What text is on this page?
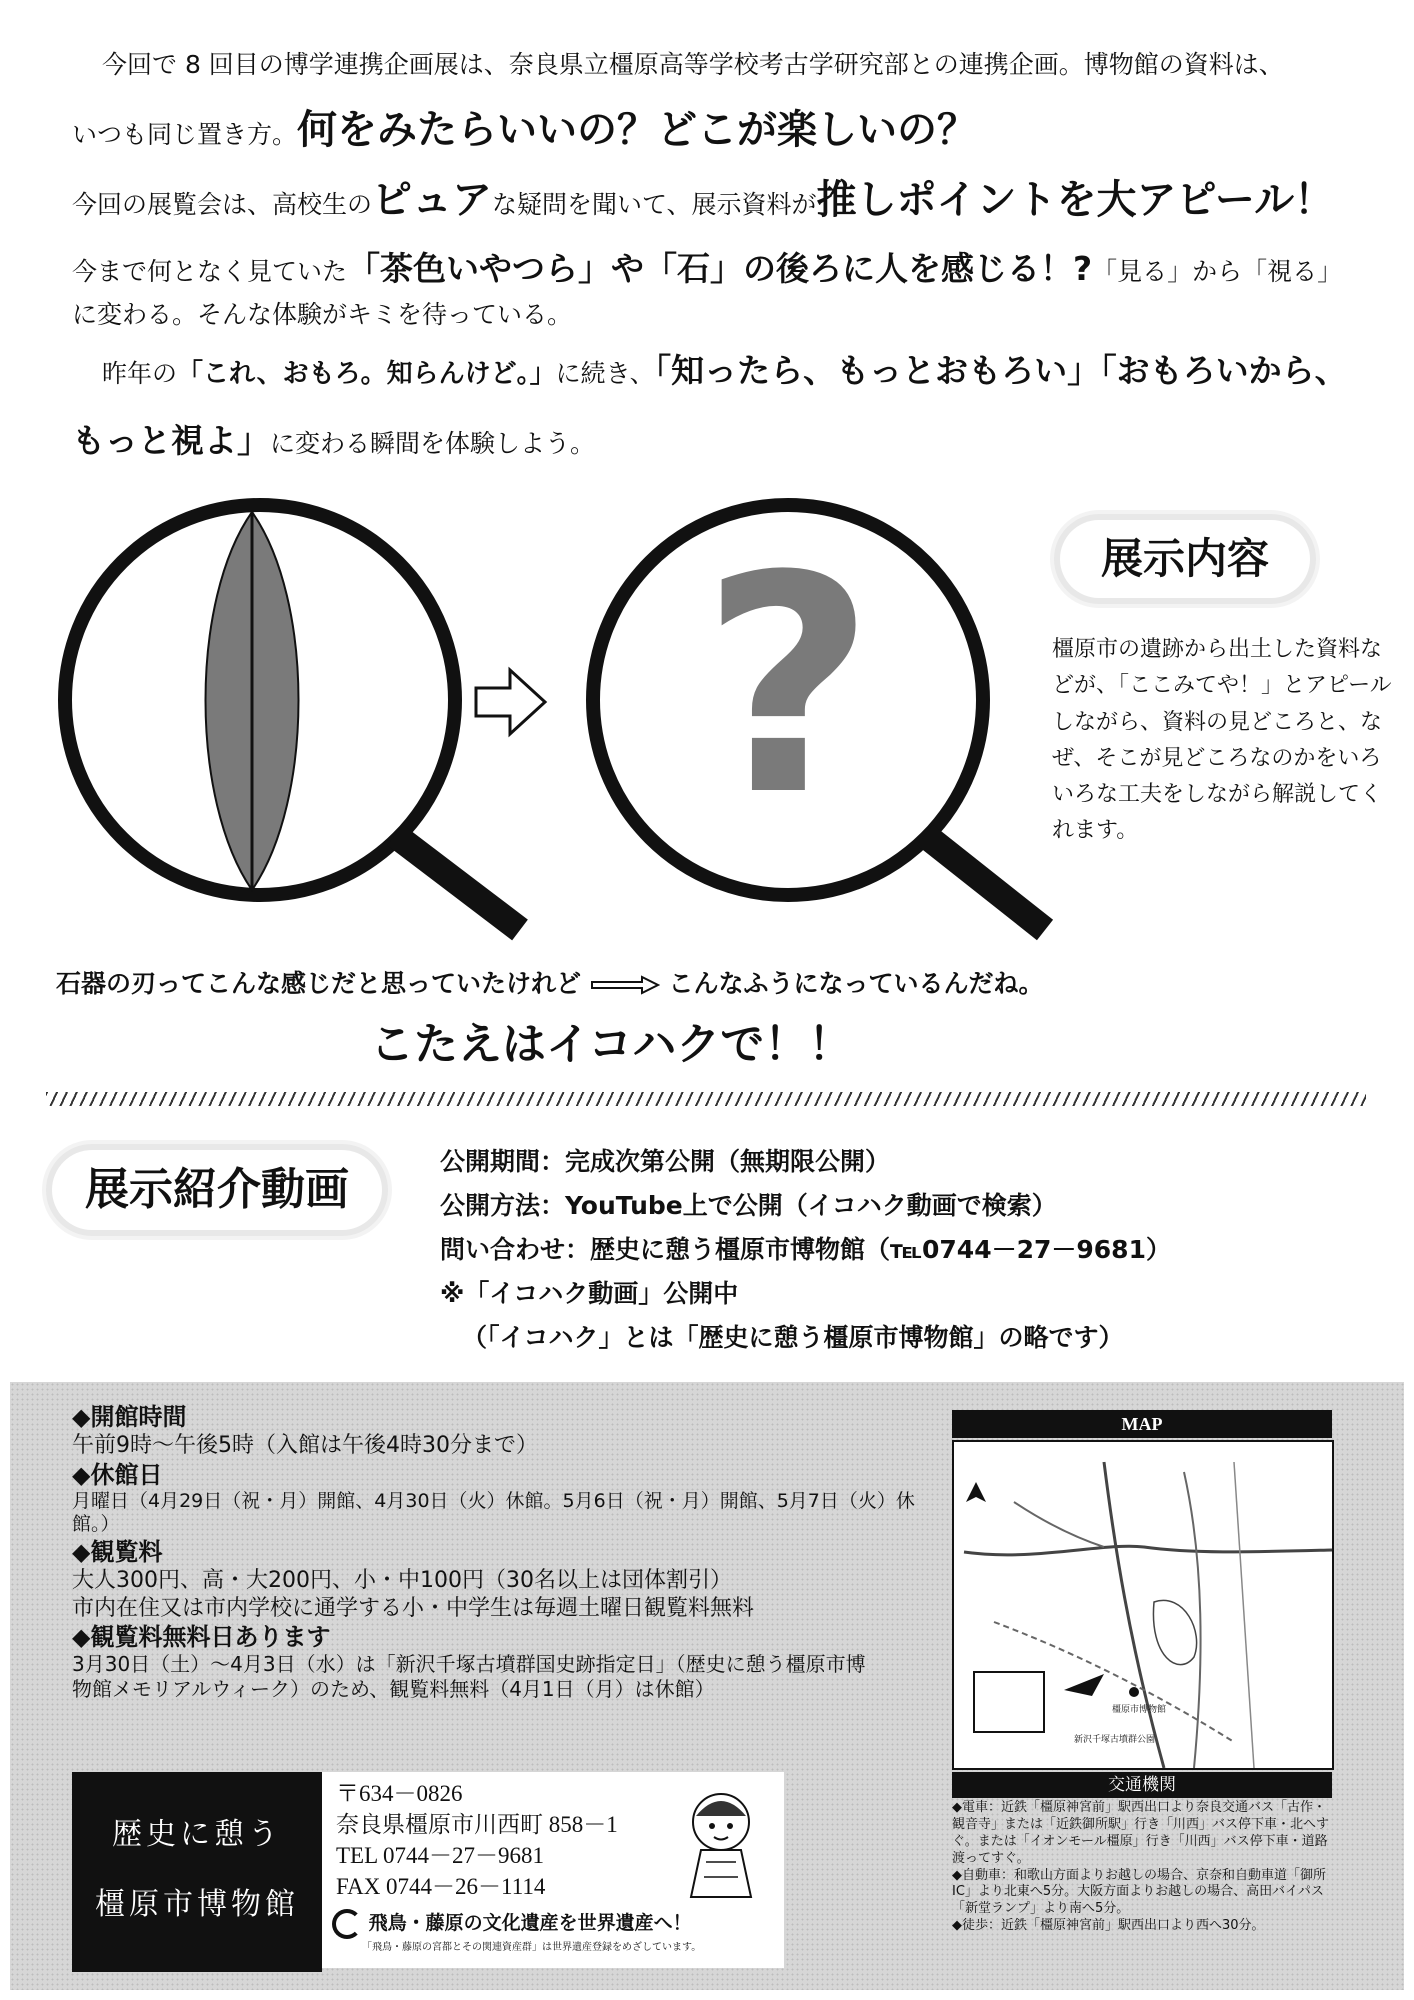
今回で 8 回目の博学連携企画展は、奈良県立橿原高等学校考古学研究部との連携企画。博物館の資料は、
いつも同じ置き方。何をみたらいいの？どこが楽しいの？
今回の展覧会は、高校生のピュアな疑問を聞いて、展示資料が推しポイントを大アピール！
今まで何となく見ていた「茶色いやつら」や「石」の後ろに人を感じる！?「見る」から「視る」
に変わる。そんな体験がキミを待っている。
昨年の「これ、おもろ。知らんけど。」に続き、「知ったら、もっとおもろい」「おもろいから、
もっと視よ」に変わる瞬間を体験しよう。
?	展示内容
橿原市の遺跡から出土した資料などが、「ここみてや！」とアピールしながら、資料の見どころと、なぜ、そこが見どころなのかをいろいろな工夫をしながら解説してくれます。
石器の刃ってこんな感じだと思っていたけれど	こんなふうになっているんだね。
こたえはイコハクで！！
展示紹介動画
公開期間：完成次第公開（無期限公開）
公開方法：YouTube上で公開（イコハク動画で検索）
問い合わせ：歴史に憩う橿原市博物館（℡0744－27－9681）
※「イコハク動画」公開中
（「イコハク」とは「歴史に憩う橿原市博物館」の略です）
◆開館時間
午前9時～午後5時（入館は午後4時30分まで）
◆休館日
月曜日（4月29日（祝・月）開館、4月30日（火）休館。5月6日（祝・月）開館、5月7日（火）休館。）
◆観覧料
大人300円、高・大200円、小・中100円（30名以上は団体割引）
市内在住又は市内学校に通学する小・中学生は毎週土曜日観覧料無料
◆観覧料無料日あります
3月30日（土）～4月3日（水）は「新沢千塚古墳群国史跡指定日」（歴史に憩う橿原市博
物館メモリアルウィーク）のため、観覧料無料（4月1日（月）は休館）
歴史に憩う
橿原市博物館
〒634－0826
奈良県橿原市川西町 858－1
TEL 0744－27－9681
FAX 0744－26－1114
飛鳥・藤原の文化遺産を世界遺産へ！
「飛鳥・藤原の宮都とその関連資産群」は世界遺産登録をめざしています。
MAP
橿原市博物館
新沢千塚古墳群公園
交通機関
◆電車：近鉄「橿原神宮前」駅西出口より奈良交通バス「古作・観音寺」または「近鉄御所駅」行き「川西」バス停下車・北へすぐ。または「イオンモール橿原」行き「川西」バス停下車・道路渡ってすぐ。
◆自動車：和歌山方面よりお越しの場合、京奈和自動車道「御所IC」より北東へ5分。大阪方面よりお越しの場合、高田バイパス「新堂ランプ」より南へ5分。
◆徒歩：近鉄「橿原神宮前」駅西出口より西へ30分。
